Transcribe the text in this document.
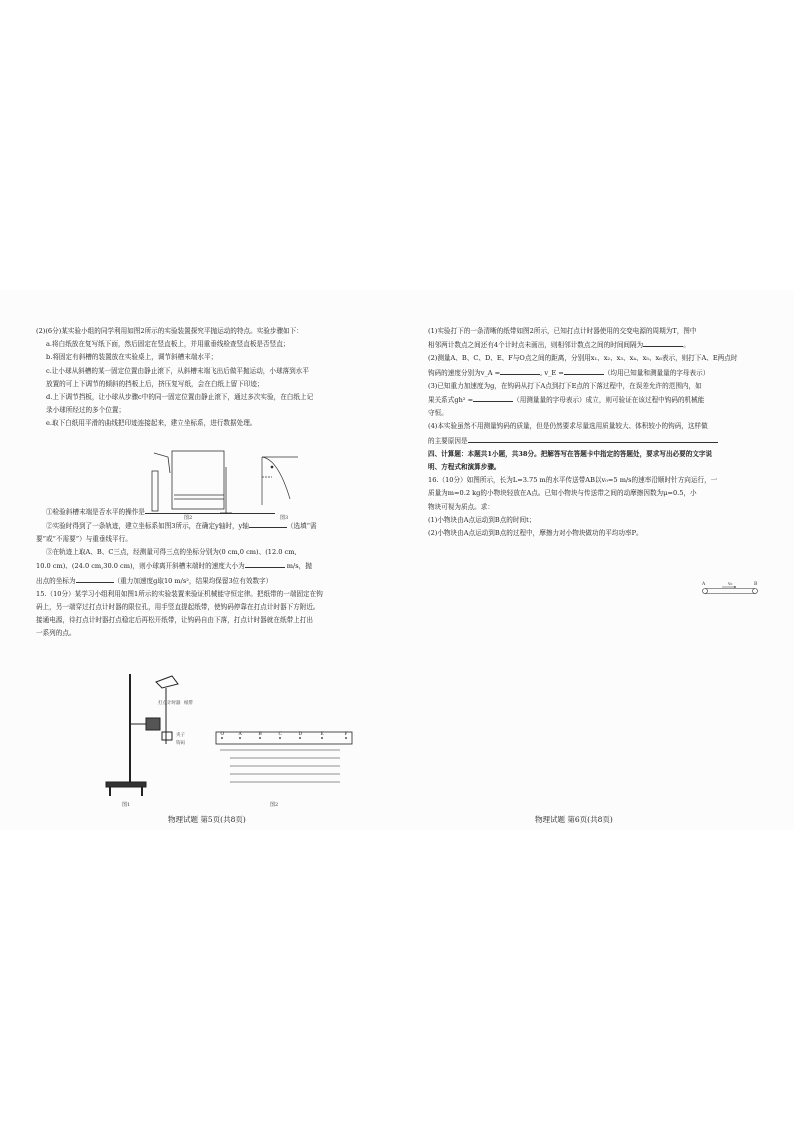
(2)(6分)某实验小组的同学利用如图2所示的实验装置探究平抛运动的特点。实验步骤如下：
a.将白纸放在复写纸下面，然后固定在竖直板上，并用重垂线检查竖直板是否竖直；
b.将固定有斜槽的装置放在实验桌上，调节斜槽末端水平；
c.让小球从斜槽的某一固定位置由静止滚下，从斜槽末端飞出后做平抛运动，小球落到水平
放置的可上下调节的倾斜的挡板上后，挤压复写纸，会在白纸上留下印迹；
d.上下调节挡板，让小球从步骤c中的同一固定位置由静止滚下，通过多次实验，在白纸上记
录小球所经过的多个位置；
e.取下白纸用平滑的曲线把印迹连接起来，建立坐标系，进行数据处理。
①检验斜槽末端是否水平的操作是
②实验时得到了一条轨迹，建立坐标系如图3所示，在确定y轴时，y轴	（选填“需
要”或“不需要”）与重垂线平行。
③在轨迹上取A、B、C三点，经测量可得三点的坐标分别为(0 cm,0 cm)、(12.0 cm,
10.0 cm)、(24.0 cm,30.0 cm)，则小球离开斜槽末端时的速度大小为	m/s，抛
出点的坐标为	（重力加速度g取10 m/s²，结果均保留3位有效数字）
15.（10分）某学习小组利用如图1所示的实验装置来验证机械能守恒定律。把纸带的一端固定在钩
码上，另一端穿过打点计时器的限位孔，用手竖直提起纸带，使钩码停靠在打点计时器下方附近。
接通电源，待打点计时器打点稳定后再松开纸带，让钩码自由下落，打点计时器就在纸带上打出
一系列的点。
图2	图3
打点计时器 纸带
夹子
钩码
图1
O	A	B	C	D	E	F
图2
物理试题 第5页(共8页)
(1)实验打下的一条清晰的纸带如图2所示，已知打点计时器使用的交变电源的周期为T，图中
相邻两计数点之间还有4个计时点未画出，则相邻计数点之间的时间间隔为	。
(2)测量A、B、C、D、E、F与O点之间的距离，分别用x₁、x₂、x₃、x₄、x₅、x₆表示，则打下A、E两点时
钩码的速度分别为v_A =	, v_E =	（均用已知量和测量量的字母表示）
(3)已知重力加速度为g，在钩码从打下A点到打下E点的下落过程中，在误差允许的范围内，如
果关系式gh² =	（用测量量的字母表示）成立，则可验证在该过程中钩码的机械能
守恒。
(4)本实验虽然不用测量钩码的质量，但是仍然要求尽量选用质量较大、体积较小的钩码，这样做
的主要原因是
四、计算题：本题共1小题，共38分。把解答写在答题卡中指定的答题处，要求写出必要的文字说
明、方程式和演算步骤。
16.（10分）如图所示，长为L=3.75 m的水平传送带AB以v₀=5 m/s的速率沿顺时针方向运行，一
质量为m=0.2 kg的小物块轻放在A点。已知小物块与传送带之间的动摩擦因数为μ=0.5，小
物块可视为质点。求：
(1)小物块由A点运动到B点的时间t；
(2)小物块由A点运动到B点的过程中，摩擦力对小物块做功的平均功率P。
A	B
v₀
物理试题 第6页(共8页)
